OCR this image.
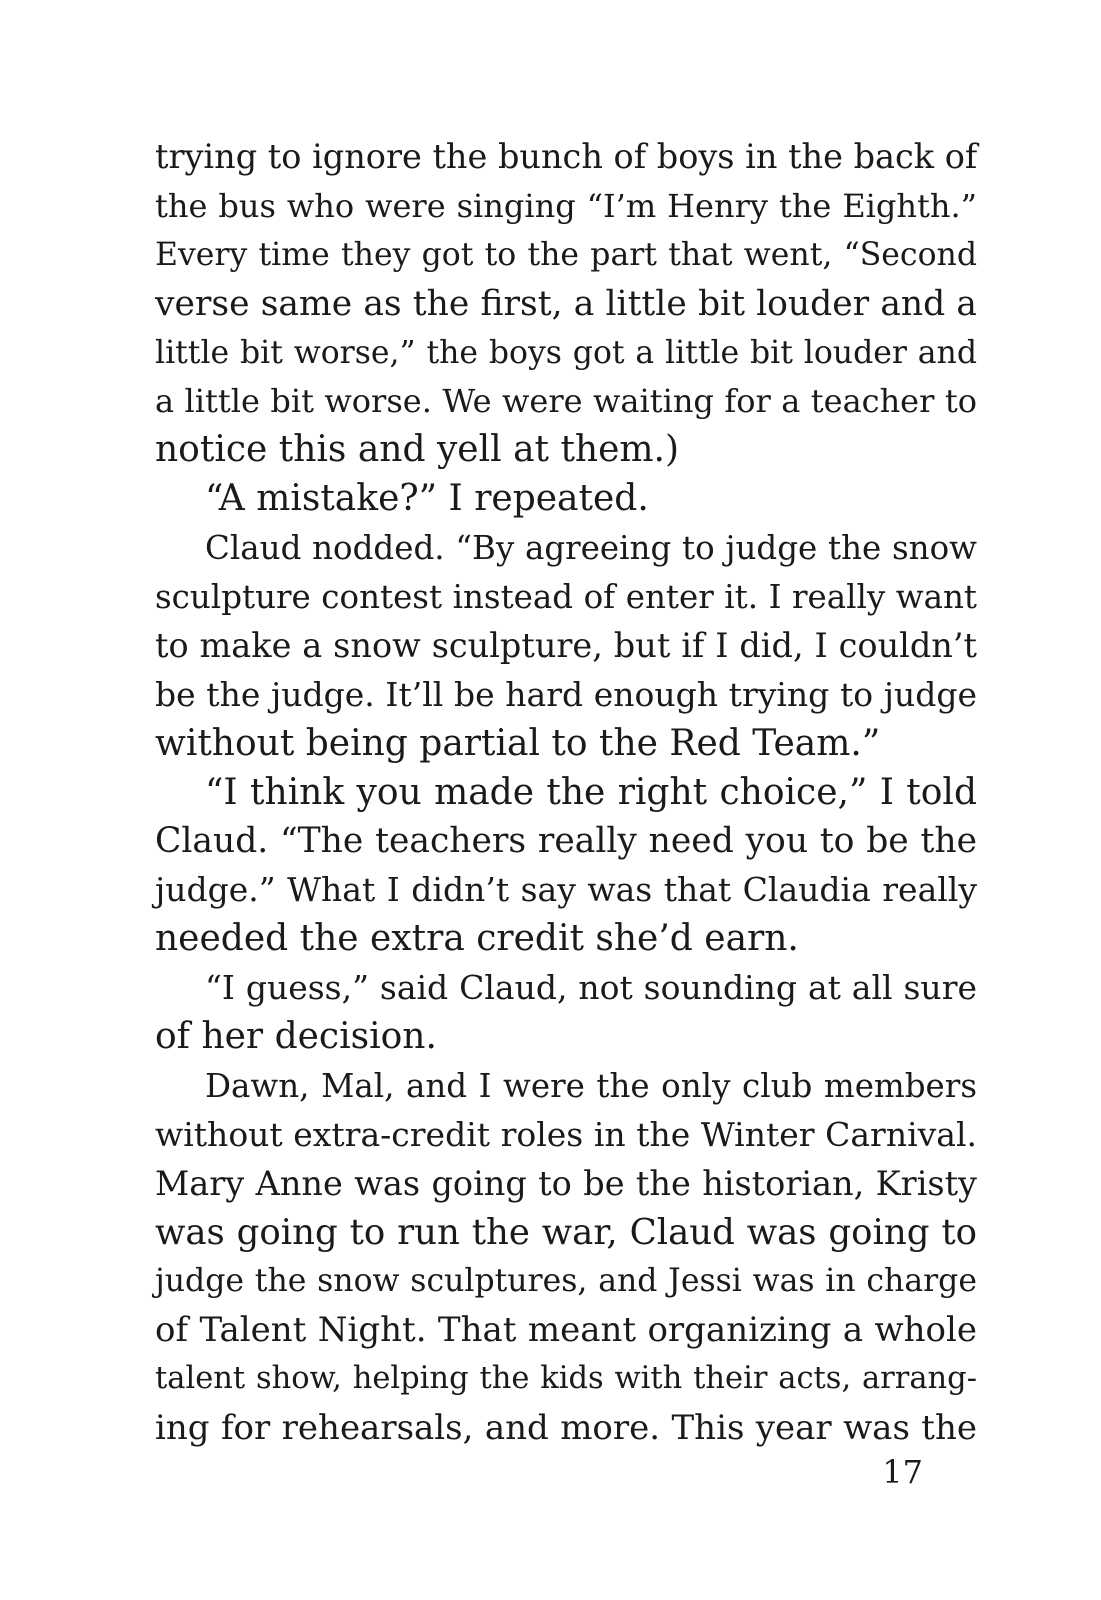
trying to ignore the bunch of boys in the back of
the bus who were singing “I’m Henry the Eighth.”
Every time they got to the part that went, “Second
verse same as the first, a little bit louder and a
little bit worse,” the boys got a little bit louder and
a little bit worse. We were waiting for a teacher to
notice this and yell at them.)
“A mistake?” I repeated.
Claud nodded. “By agreeing to judge the snow
sculpture contest instead of enter it. I really want
to make a snow sculpture, but if I did, I couldn’t
be the judge. It’ll be hard enough trying to judge
without being partial to the Red Team.”
“I think you made the right choice,” I told
Claud. “The teachers really need you to be the
judge.” What I didn’t say was that Claudia really
needed the extra credit she’d earn.
“I guess,” said Claud, not sounding at all sure
of her decision.
Dawn, Mal, and I were the only club members
without extra-credit roles in the Winter Carnival.
Mary Anne was going to be the historian, Kristy
was going to run the war, Claud was going to
judge the snow sculptures, and Jessi was in charge
of Talent Night. That meant organizing a whole
talent show, helping the kids with their acts, arrang-
ing for rehearsals, and more. This year was the
17
